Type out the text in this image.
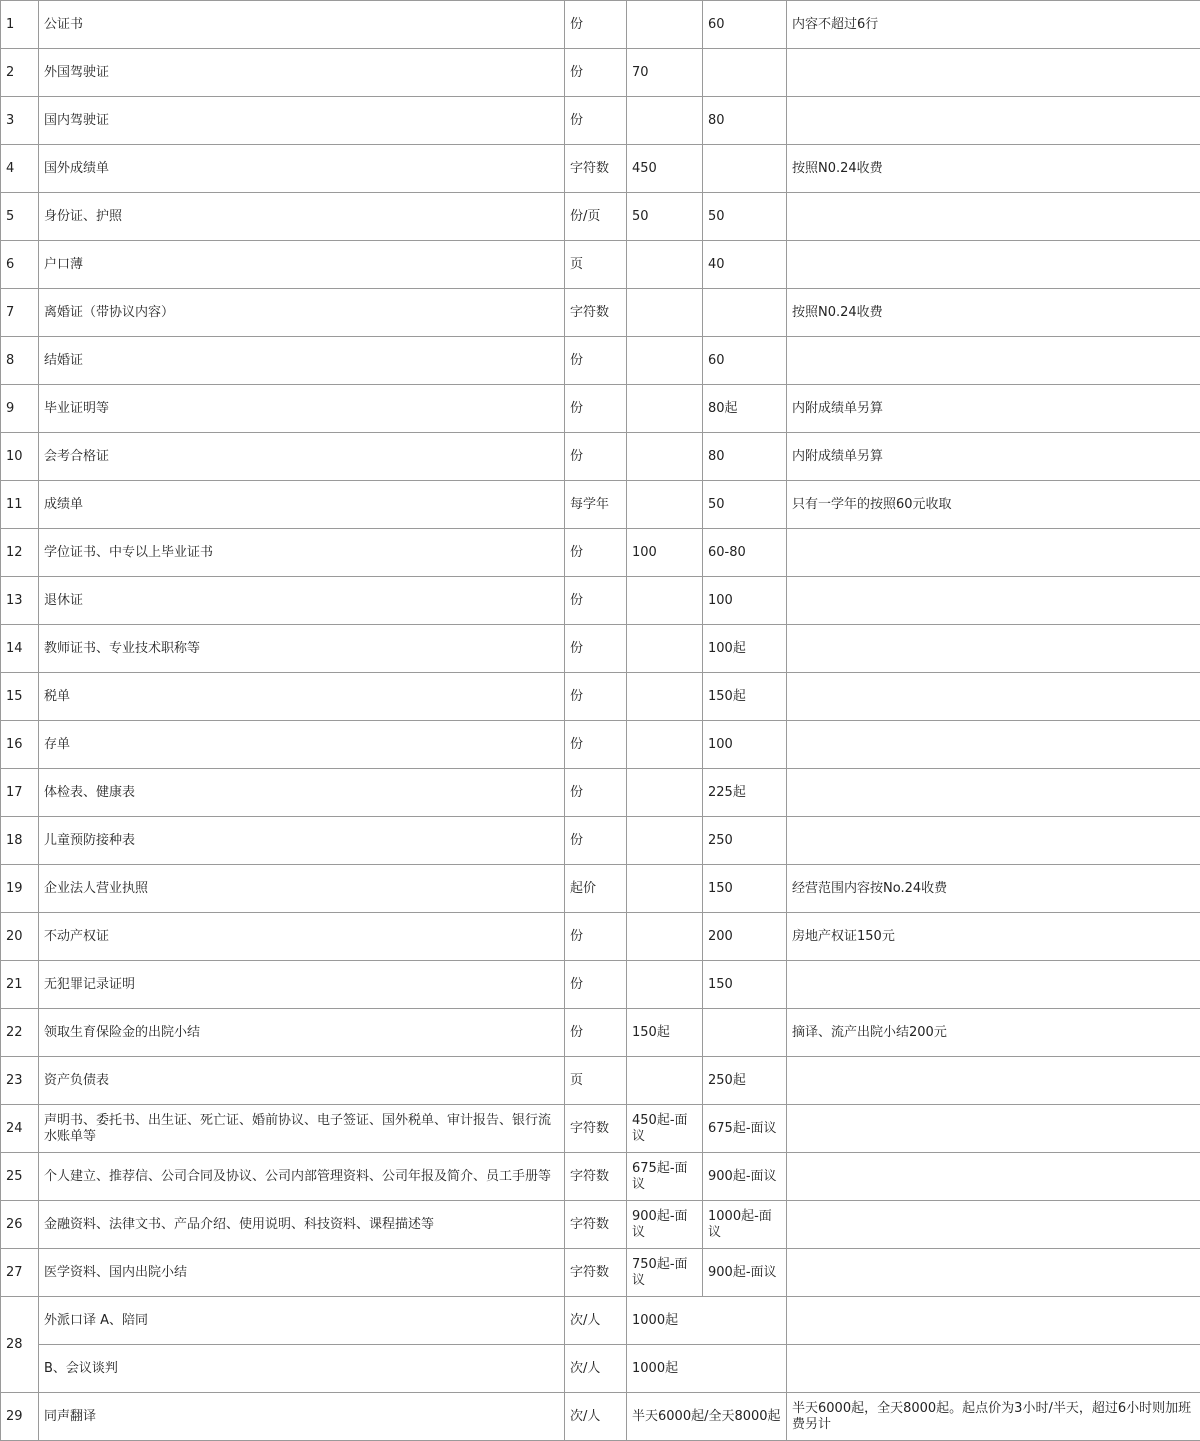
1	公证书	份		60	内容不超过6行
2	外国驾驶证	份	70		
3	国内驾驶证	份		80	
4	国外成绩单	字符数	450		按照N0.24收费
5	身份证、护照	份/页	50	50	
6	户口薄	页		40	
7	离婚证（带协议内容）	字符数			按照N0.24收费
8	结婚证	份		60	
9	毕业证明等	份		80起	内附成绩单另算
10	会考合格证	份		80	内附成绩单另算
11	成绩单	每学年		50	只有一学年的按照60元收取
12	学位证书、中专以上毕业证书	份	100	60-80	
13	退休证	份		100	
14	教师证书、专业技术职称等	份		100起	
15	税单	份		150起	
16	存单	份		100	
17	体检表、健康表	份		225起	
18	儿童预防接种表	份		250	
19	企业法人营业执照	起价		150	经营范围内容按No.24收费
20	不动产权证	份		200	房地产权证150元
21	无犯罪记录证明	份		150	
22	领取生育保险金的出院小结	份	150起		摘译、流产出院小结200元
23	资产负债表	页		250起	
24	声明书、委托书、出生证、死亡证、婚前协议、电子签证、国外税单、审计报告、银行流水账单等	字符数	450起-面议	675起-面议	
25	个人建立、推荐信、公司合同及协议、公司内部管理资料、公司年报及简介、员工手册等	字符数	675起-面议	900起-面议	
26	金融资料、法律文书、产品介绍、使用说明、科技资料、课程描述等	字符数	900起-面议	1000起-面议	
27	医学资料、国内出院小结	字符数	750起-面议	900起-面议	
28	外派口译 A、陪同	次/人	1000起		
	B、会议谈判	次/人	1000起		
29	同声翻译	次/人	半天6000起/全天8000起		半天6000起，全天8000起。起点价为3小时/半天，超过6小时则加班费另计
